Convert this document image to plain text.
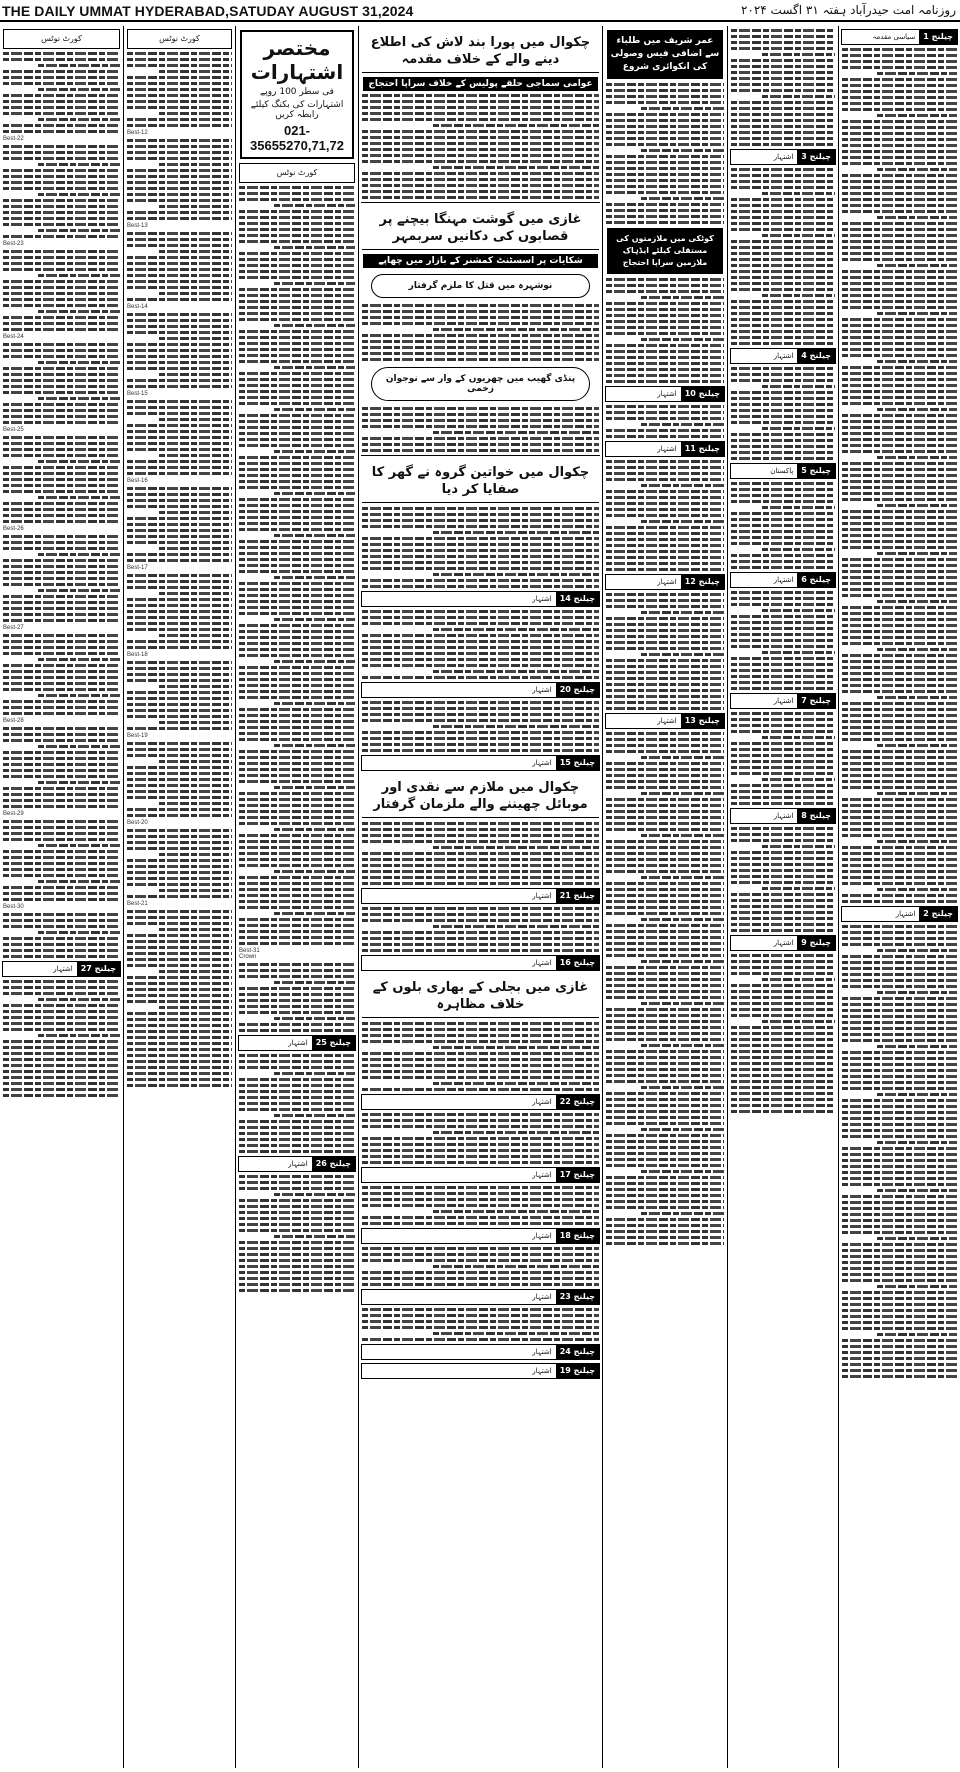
THE DAILY UMMAT HYDERABAD,SATUDAY AUGUST 31,2024	روزنامہ امت حیدرآباد ہفتہ ۳۱ اگست ۲۰۲۴
کورٹ نوٹس
Best-22
Best-23
Best-24
Best-25
Best-26
Best-27
Best-28
Best-29
Best-30
چیلنج 27
اشتہار
کورٹ نوٹس
Best-12
Best-13
Best-14
Best-15
Best-16
Best-17
Best-18
Best-19
Best-20
Best-21
مختصر اشتہارات
فی سطر 100 روپے
اشتہارات کی بکنگ کیلئے رابطہ کریں
021-35655270,71,72
کورٹ نوٹس
Best-31
Crown
چیلنج 25
اشتہار
چیلنج 26
اشتہار
چکوال میں پورا بند لاش کی اطلاع دینے والے کے خلاف مقدمہ
عوامی سماجی حلقے پولیس کے خلاف سراپا احتجاج
غازی میں گوشت مہنگا بیچنے پر قصابوں کی دکانیں سربمہر
شکایات پر اسسٹنٹ کمشنر کے بازار میں چھاپے
نوشہرہ میں قتل کا ملزم گرفتار
پنڈی گھیب میں چھریوں کے وار سے نوجوان زخمی
چکوال میں خواتین گروہ نے گھر کا صفایا کر دیا
چیلنج 14
اشتہار
چیلنج 20
اشتہار
چیلنج 15
اشتہار
چکوال میں ملازم سے نقدی اور موبائل چھیننے والے ملزمان گرفتار
چیلنج 21
اشتہار
چیلنج 16
اشتہار
غازی میں بجلی کے بھاری بلوں کے خلاف مظاہرہ
چیلنج 22
اشتہار
چیلنج 17
اشتہار
چیلنج 18
اشتہار
چیلنج 23
اشتہار
چیلنج 24
اشتہار
چیلنج 19
اشتہار
عمر شریف میں طلباء سے اضافی فیس وصولی کی انکوائری شروع
کوٹکی میں ملازمتوں کی مستقلی کیلئے ایڈہاک ملازمین سراپا احتجاج
چیلنج 10
اشتہار
چیلنج 11
اشتہار
چیلنج 12
اشتہار
چیلنج 13
اشتہار
چیلنج 3
اشتہار
چیلنج 4
اشتہار
چیلنج 5
پاکستان
چیلنج 6
اشتہار
چیلنج 7
اشتہار
چیلنج 8
اشتہار
چیلنج 9
اشتہار
چیلنج 1
سیاسی مقدمہ
چیلنج 2
اشتہار
